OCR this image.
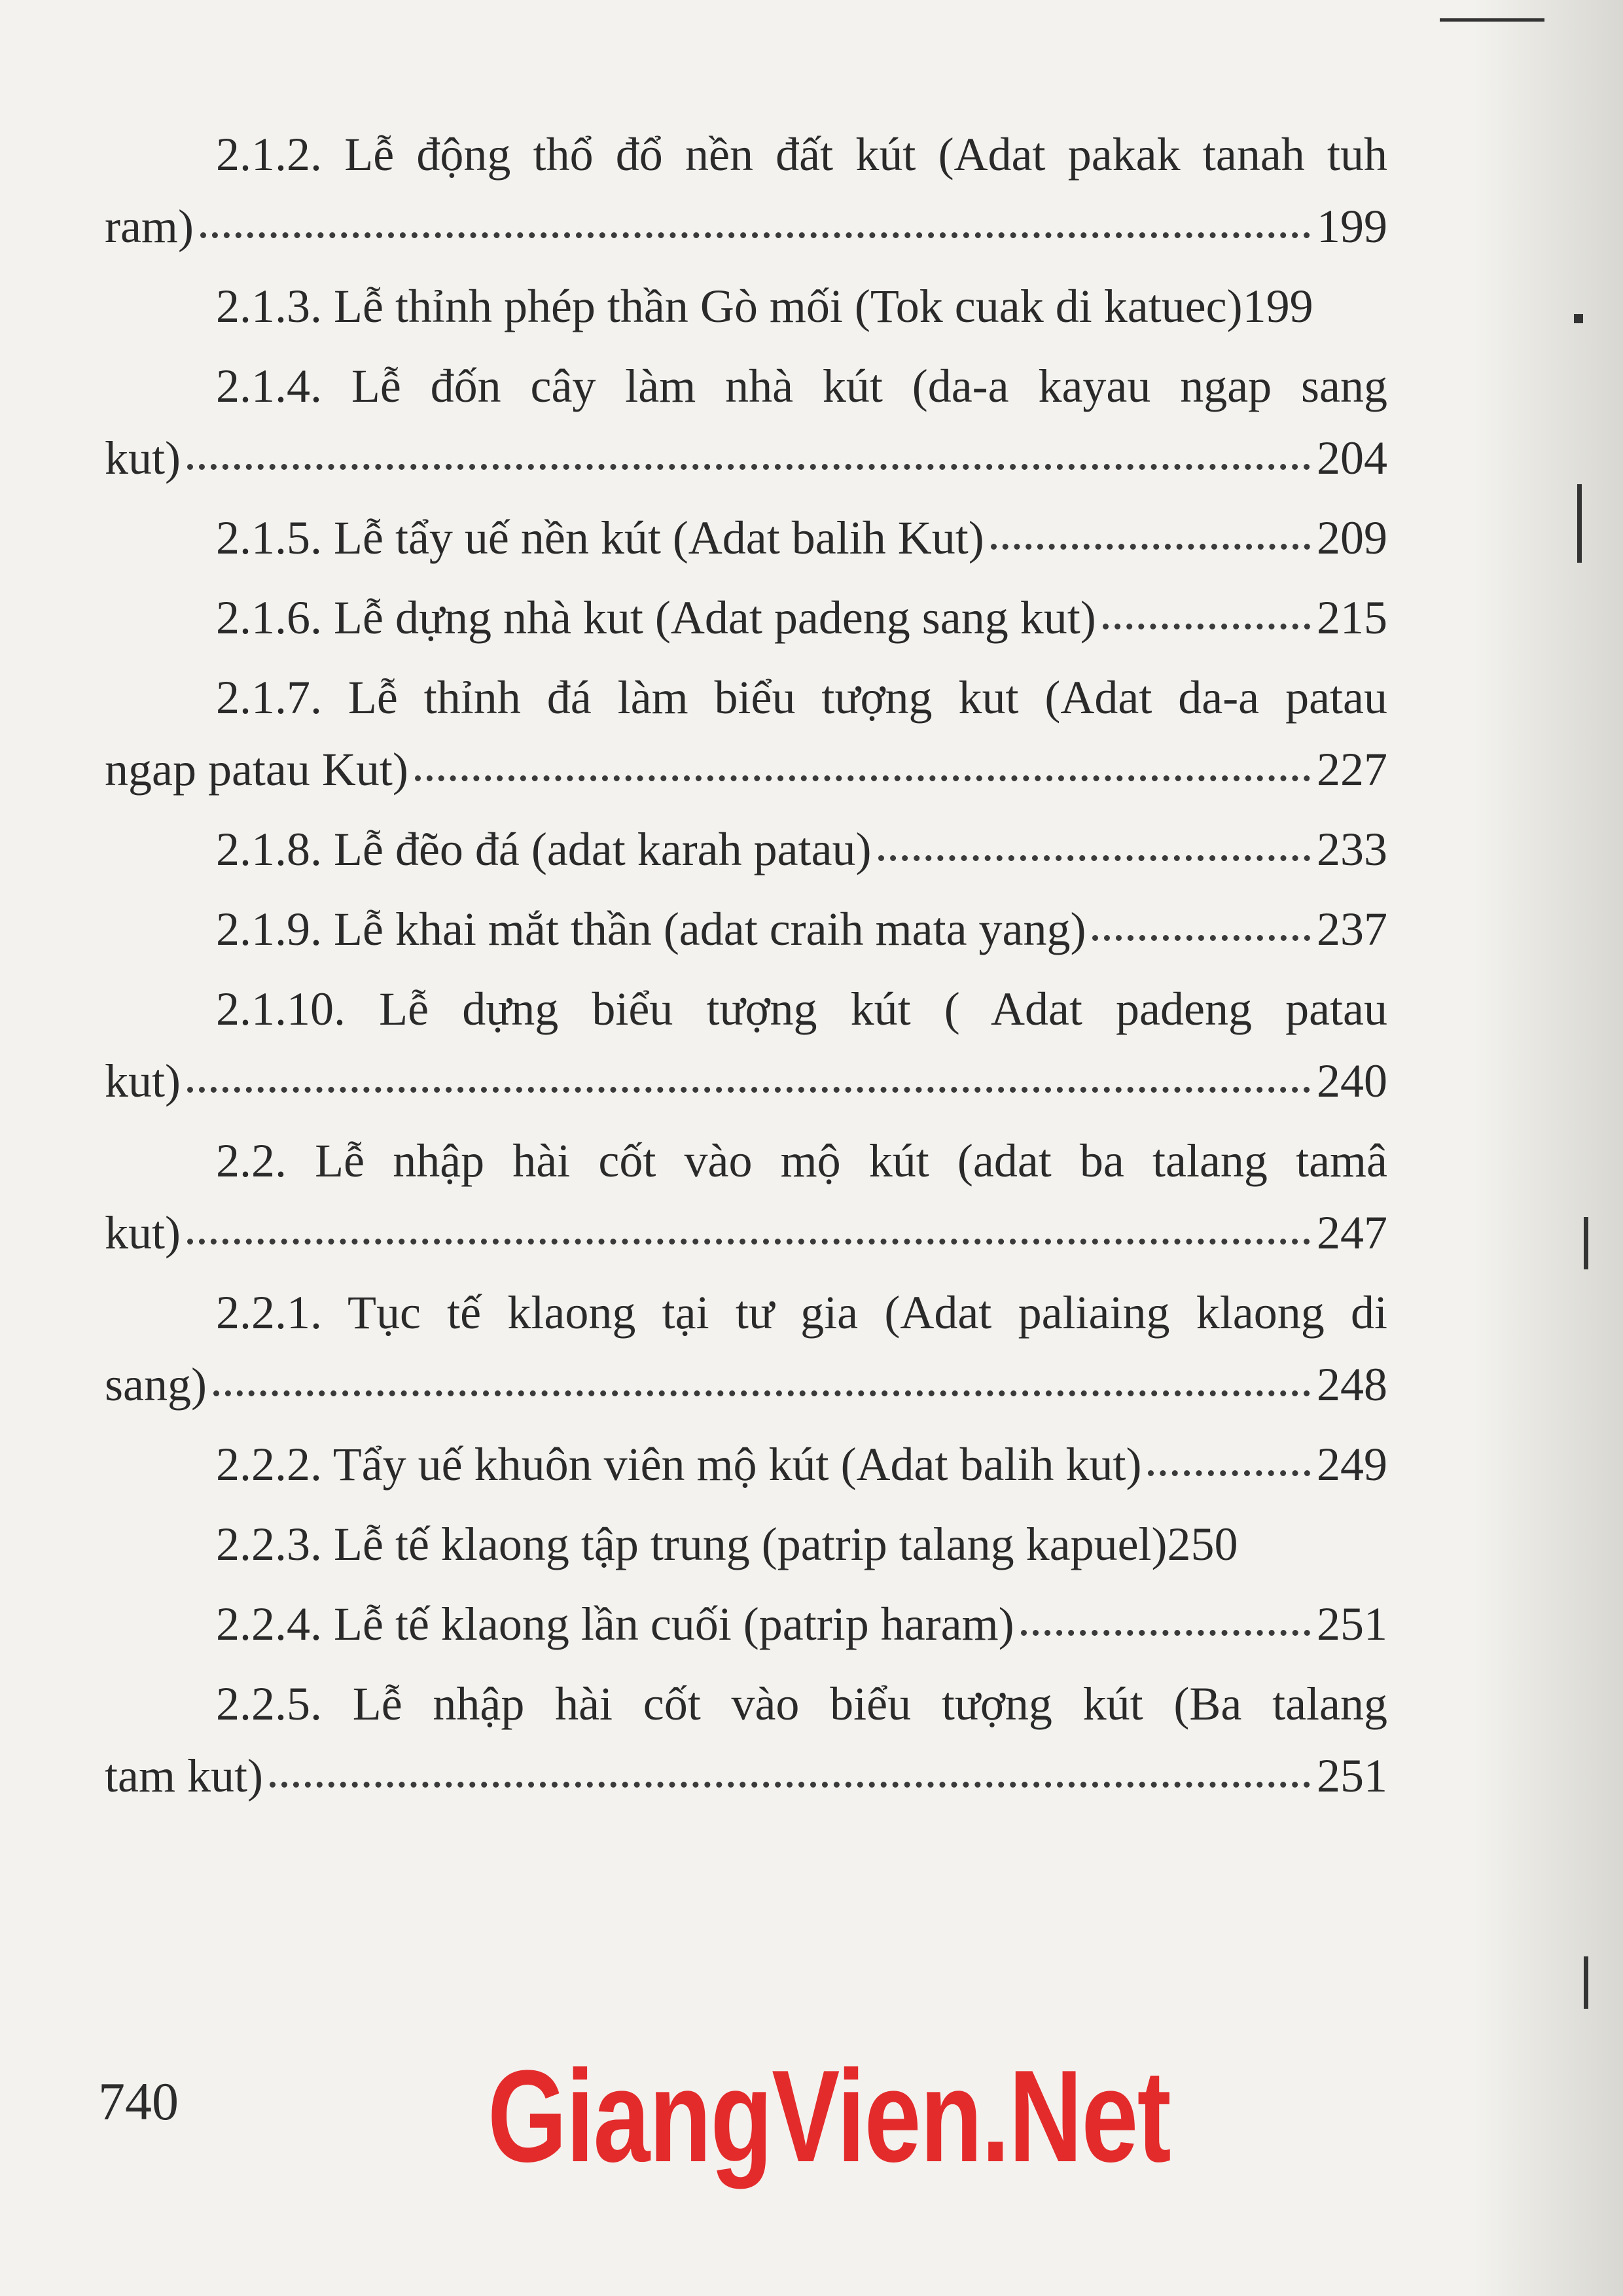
2.1.2. Lễ động thổ đổ nền đất kút (Adat pakak tanah tuh
ram)	199
2.1.3. Lễ thỉnh phép thần Gò mối (Tok cuak di katuec) 199
2.1.4. Lễ đốn cây làm nhà kút (da-a kayau ngap sang
kut)	204
2.1.5. Lễ tẩy uế nền kút (Adat balih Kut)	209
2.1.6. Lễ dựng nhà kut (Adat padeng sang kut)	215
2.1.7. Lễ thỉnh đá làm biểu tượng kut (Adat da-a patau
ngap patau Kut)	227
2.1.8. Lễ đẽo đá (adat karah patau)	233
2.1.9. Lễ khai mắt thần (adat craih mata yang)	237
2.1.10. Lễ dựng biểu tượng kút ( Adat padeng patau
kut)	240
2.2. Lễ nhập hài cốt vào mộ kút (adat ba talang tamâ
kut)	247
2.2.1. Tục tế klaong tại tư gia (Adat paliaing klaong di
sang)	248
2.2.2. Tẩy uế khuôn viên mộ kút (Adat balih kut)	249
2.2.3. Lễ tế klaong tập trung (patrip talang kapuel) 250
2.2.4. Lễ tế klaong lần cuối (patrip haram)	251
2.2.5. Lễ nhập hài cốt vào biểu tượng kút (Ba talang
tam kut)	251
740 GiangVien.Net
